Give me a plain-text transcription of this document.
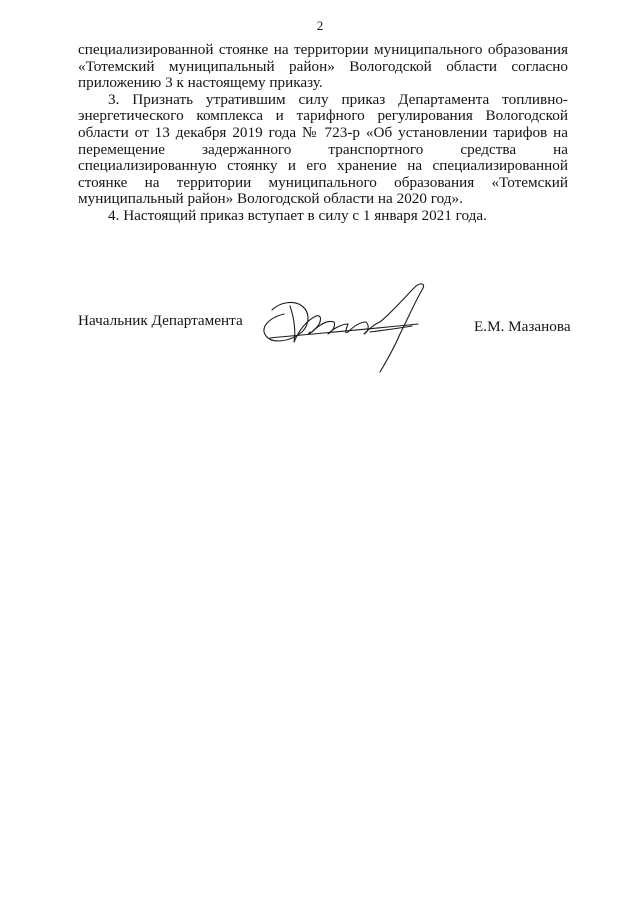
2

специализированной стоянке на территории муниципального образования «Тотемский муниципальный район» Вологодской области согласно приложению 3 к настоящему приказу.

3. Признать утратившим силу приказ Департамента топливно- энергетического комплекса и тарифного регулирования Вологодской области от 13 декабря 2019 года № 723-р «Об установлении тарифов на перемещение задержанного транспортного средства на специализированную стоянку и его хранение на специализированной стоянке на территории муниципального образования «Тотемский муниципальный район» Вологодской области на 2020 год».

4. Настоящий приказ вступает в силу с 1 января 2021 года.

Начальник Департамента	Е.М. Мазанова
